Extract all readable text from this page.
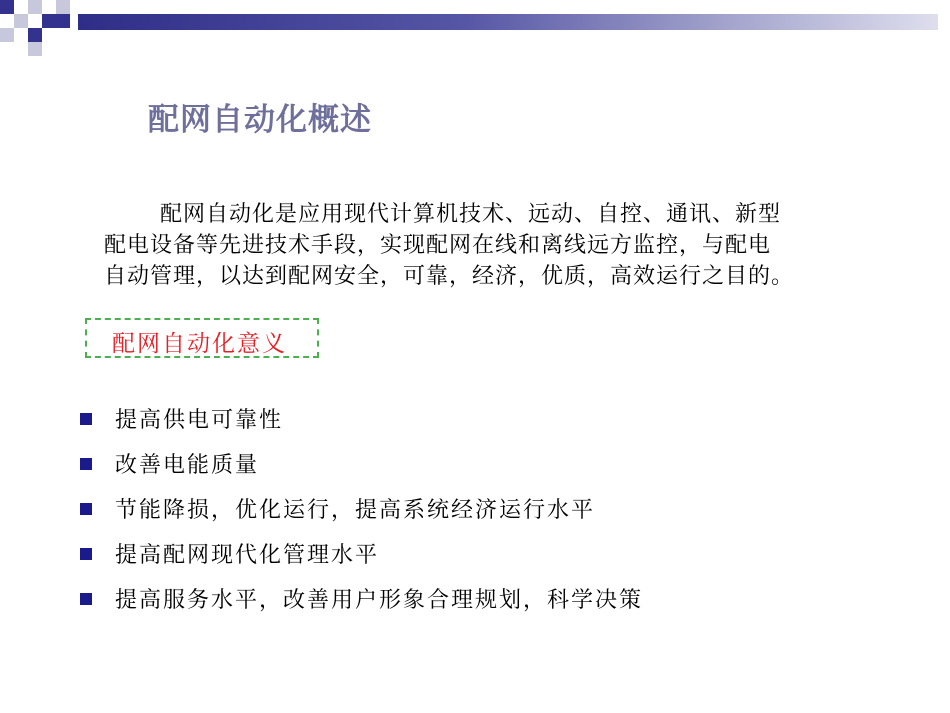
配网自动化概述
配网自动化是应用现代计算机技术、远动、自控、通讯、新型
配电设备等先进技术手段，实现配网在线和离线远方监控，与配电
自动管理，以达到配网安全，可靠，经济，优质，高效运行之目的。
配网自动化意义
提高供电可靠性
改善电能质量
节能降损，优化运行，提高系统经济运行水平
提高配网现代化管理水平
提高服务水平，改善用户形象合理规划，科学决策
